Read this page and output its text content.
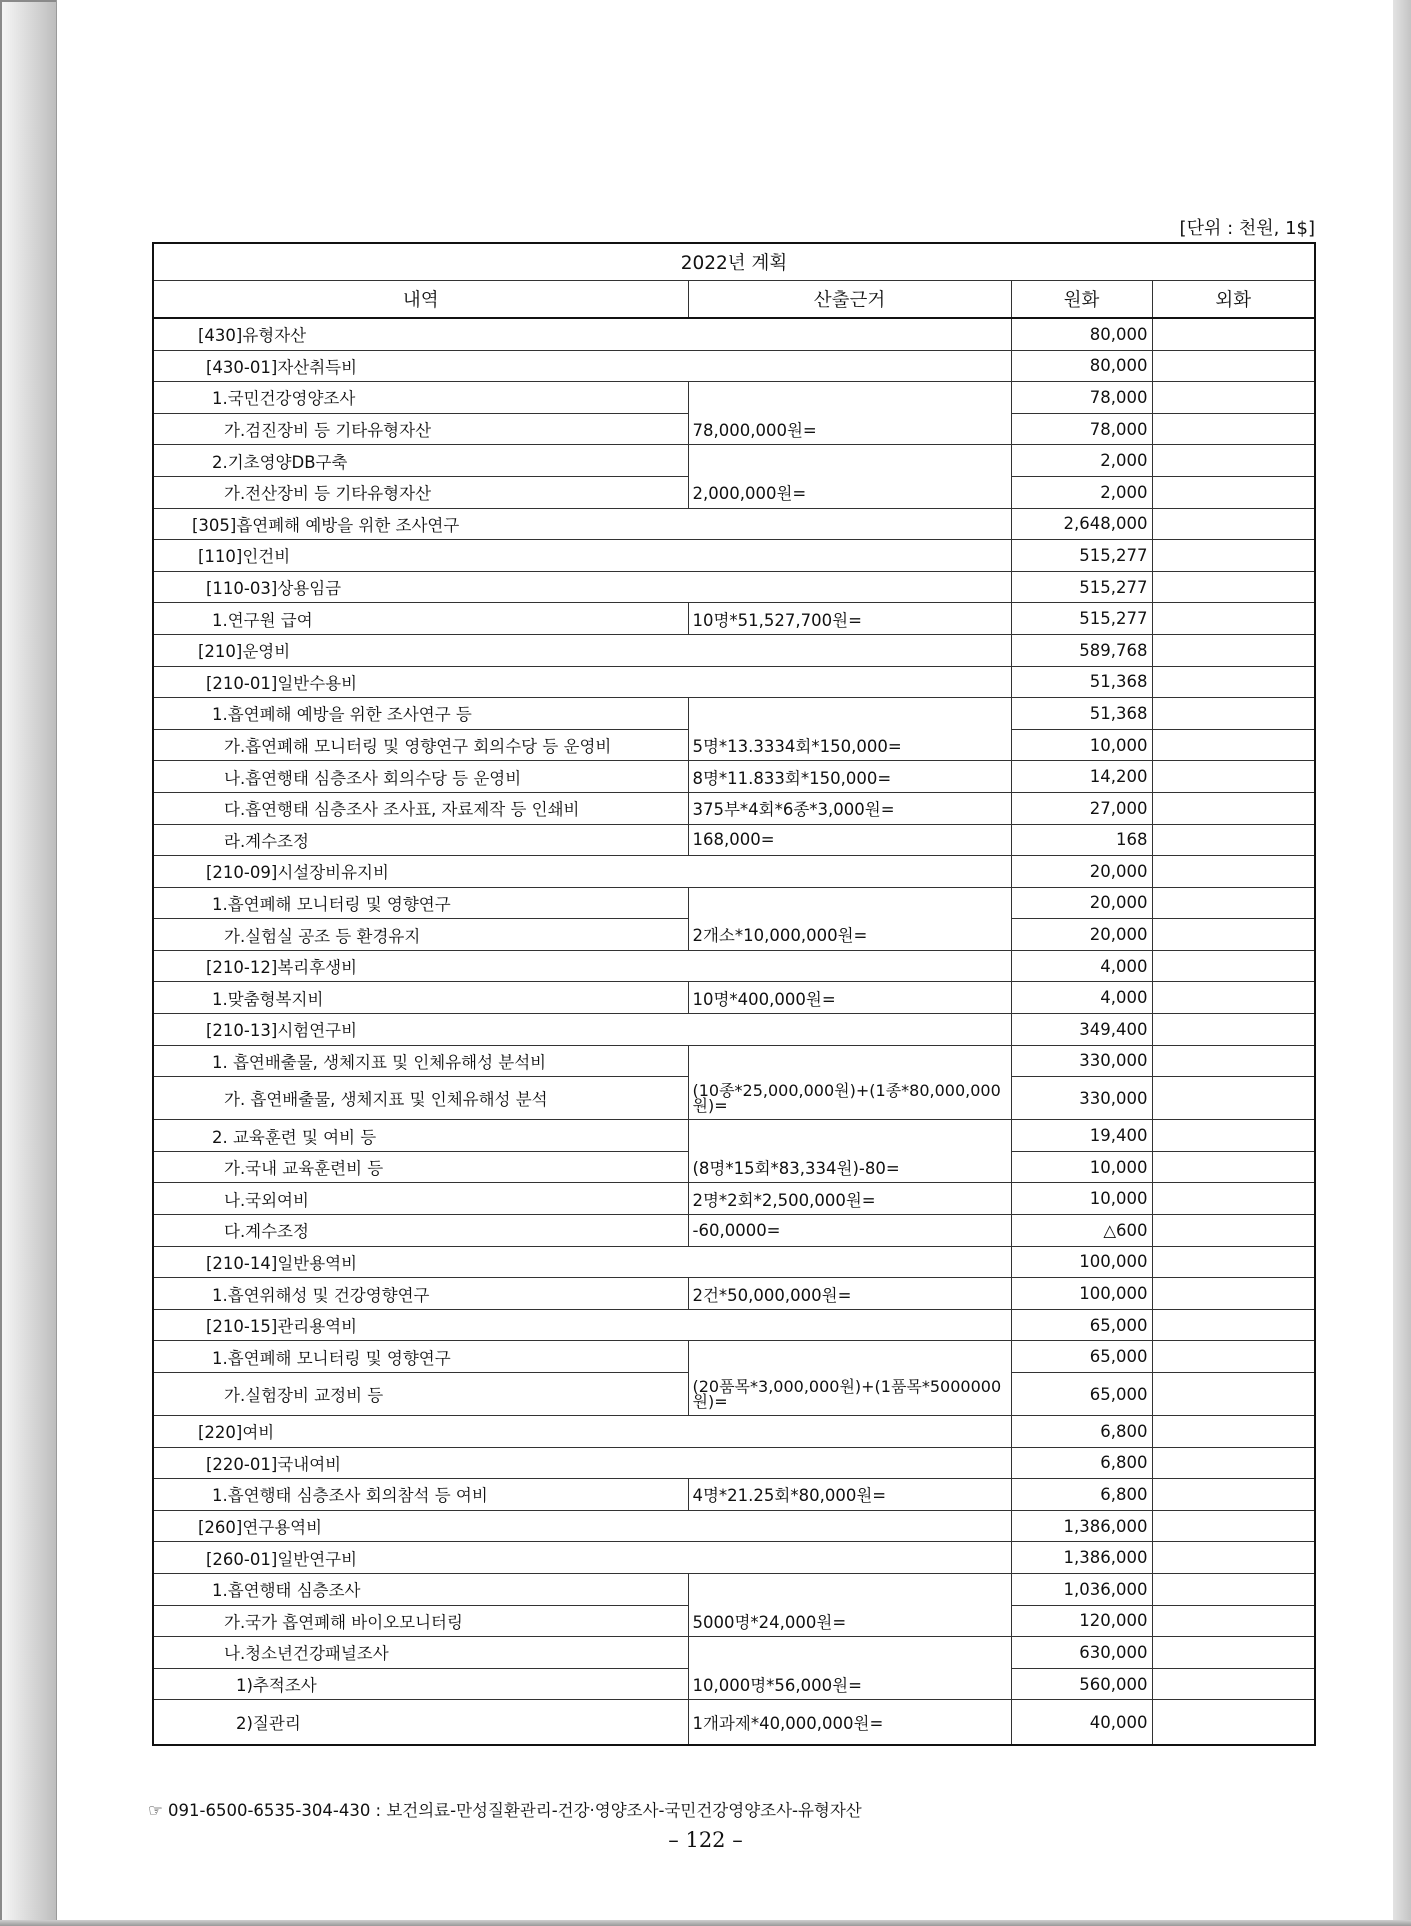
[단위 : 천원, 1$]
2022년 계획			
내역	산출근거	원화	외화
[430]유형자산		80,000	
[430-01]자산취득비		80,000	
1.국민건강영양조사		78,000	
가.검진장비 등 기타유형자산	78,000,000원=	78,000	
2.기초영양DB구축		2,000	
가.전산장비 등 기타유형자산	2,000,000원=	2,000	
[305]흡연폐해 예방을 위한 조사연구		2,648,000	
[110]인건비		515,277	
[110-03]상용임금		515,277	
1.연구원 급여	10명*51,527,700원=	515,277	
[210]운영비		589,768	
[210-01]일반수용비		51,368	
1.흡연폐해 예방을 위한 조사연구 등		51,368	
가.흡연폐해 모니터링 및 영향연구 회의수당 등 운영비	5명*13.3334회*150,000=	10,000	
나.흡연행태 심층조사 회의수당 등 운영비	8명*11.833회*150,000=	14,200	
다.흡연행태 심층조사 조사표, 자료제작 등 인쇄비	375부*4회*6종*3,000원=	27,000	
라.계수조정	168,000=	168	
[210-09]시설장비유지비		20,000	
1.흡연폐해 모니터링 및 영향연구		20,000	
가.실험실 공조 등 환경유지	2개소*10,000,000원=	20,000	
[210-12]복리후생비		4,000	
1.맞춤형복지비	10명*400,000원=	4,000	
[210-13]시험연구비		349,400	
1. 흡연배출물, 생체지표 및 인체유해성 분석비		330,000	
가. 흡연배출물, 생체지표 및 인체유해성 분석	(10종*25,000,000원)+(1종*80,000,000원)=	330,000	
2. 교육훈련 및 여비 등		19,400	
가.국내 교육훈련비 등	(8명*15회*83,334원)-80=	10,000	
나.국외여비	2명*2회*2,500,000원=	10,000	
다.계수조정	-60,0000=	△600	
[210-14]일반용역비		100,000	
1.흡연위해성 및 건강영향연구	2건*50,000,000원=	100,000	
[210-15]관리용역비		65,000	
1.흡연폐해 모니터링 및 영향연구		65,000	
가.실험장비 교정비 등	(20품목*3,000,000원)+(1품목*5000000원)=	65,000	
[220]여비		6,800	
[220-01]국내여비		6,800	
1.흡연행태 심층조사 회의참석 등 여비	4명*21.25회*80,000원=	6,800	
[260]연구용역비		1,386,000	
[260-01]일반연구비		1,386,000	
1.흡연행태 심층조사		1,036,000	
가.국가 흡연폐해 바이오모니터링	5000명*24,000원=	120,000	
나.청소년건강패널조사		630,000	
1)추적조사	10,000명*56,000원=	560,000	
2)질관리	1개과제*40,000,000원=	40,000	
☞ 091-6500-6535-304-430 : 보건의료-만성질환관리-건강·영양조사-국민건강영양조사-유형자산
– 122 –
